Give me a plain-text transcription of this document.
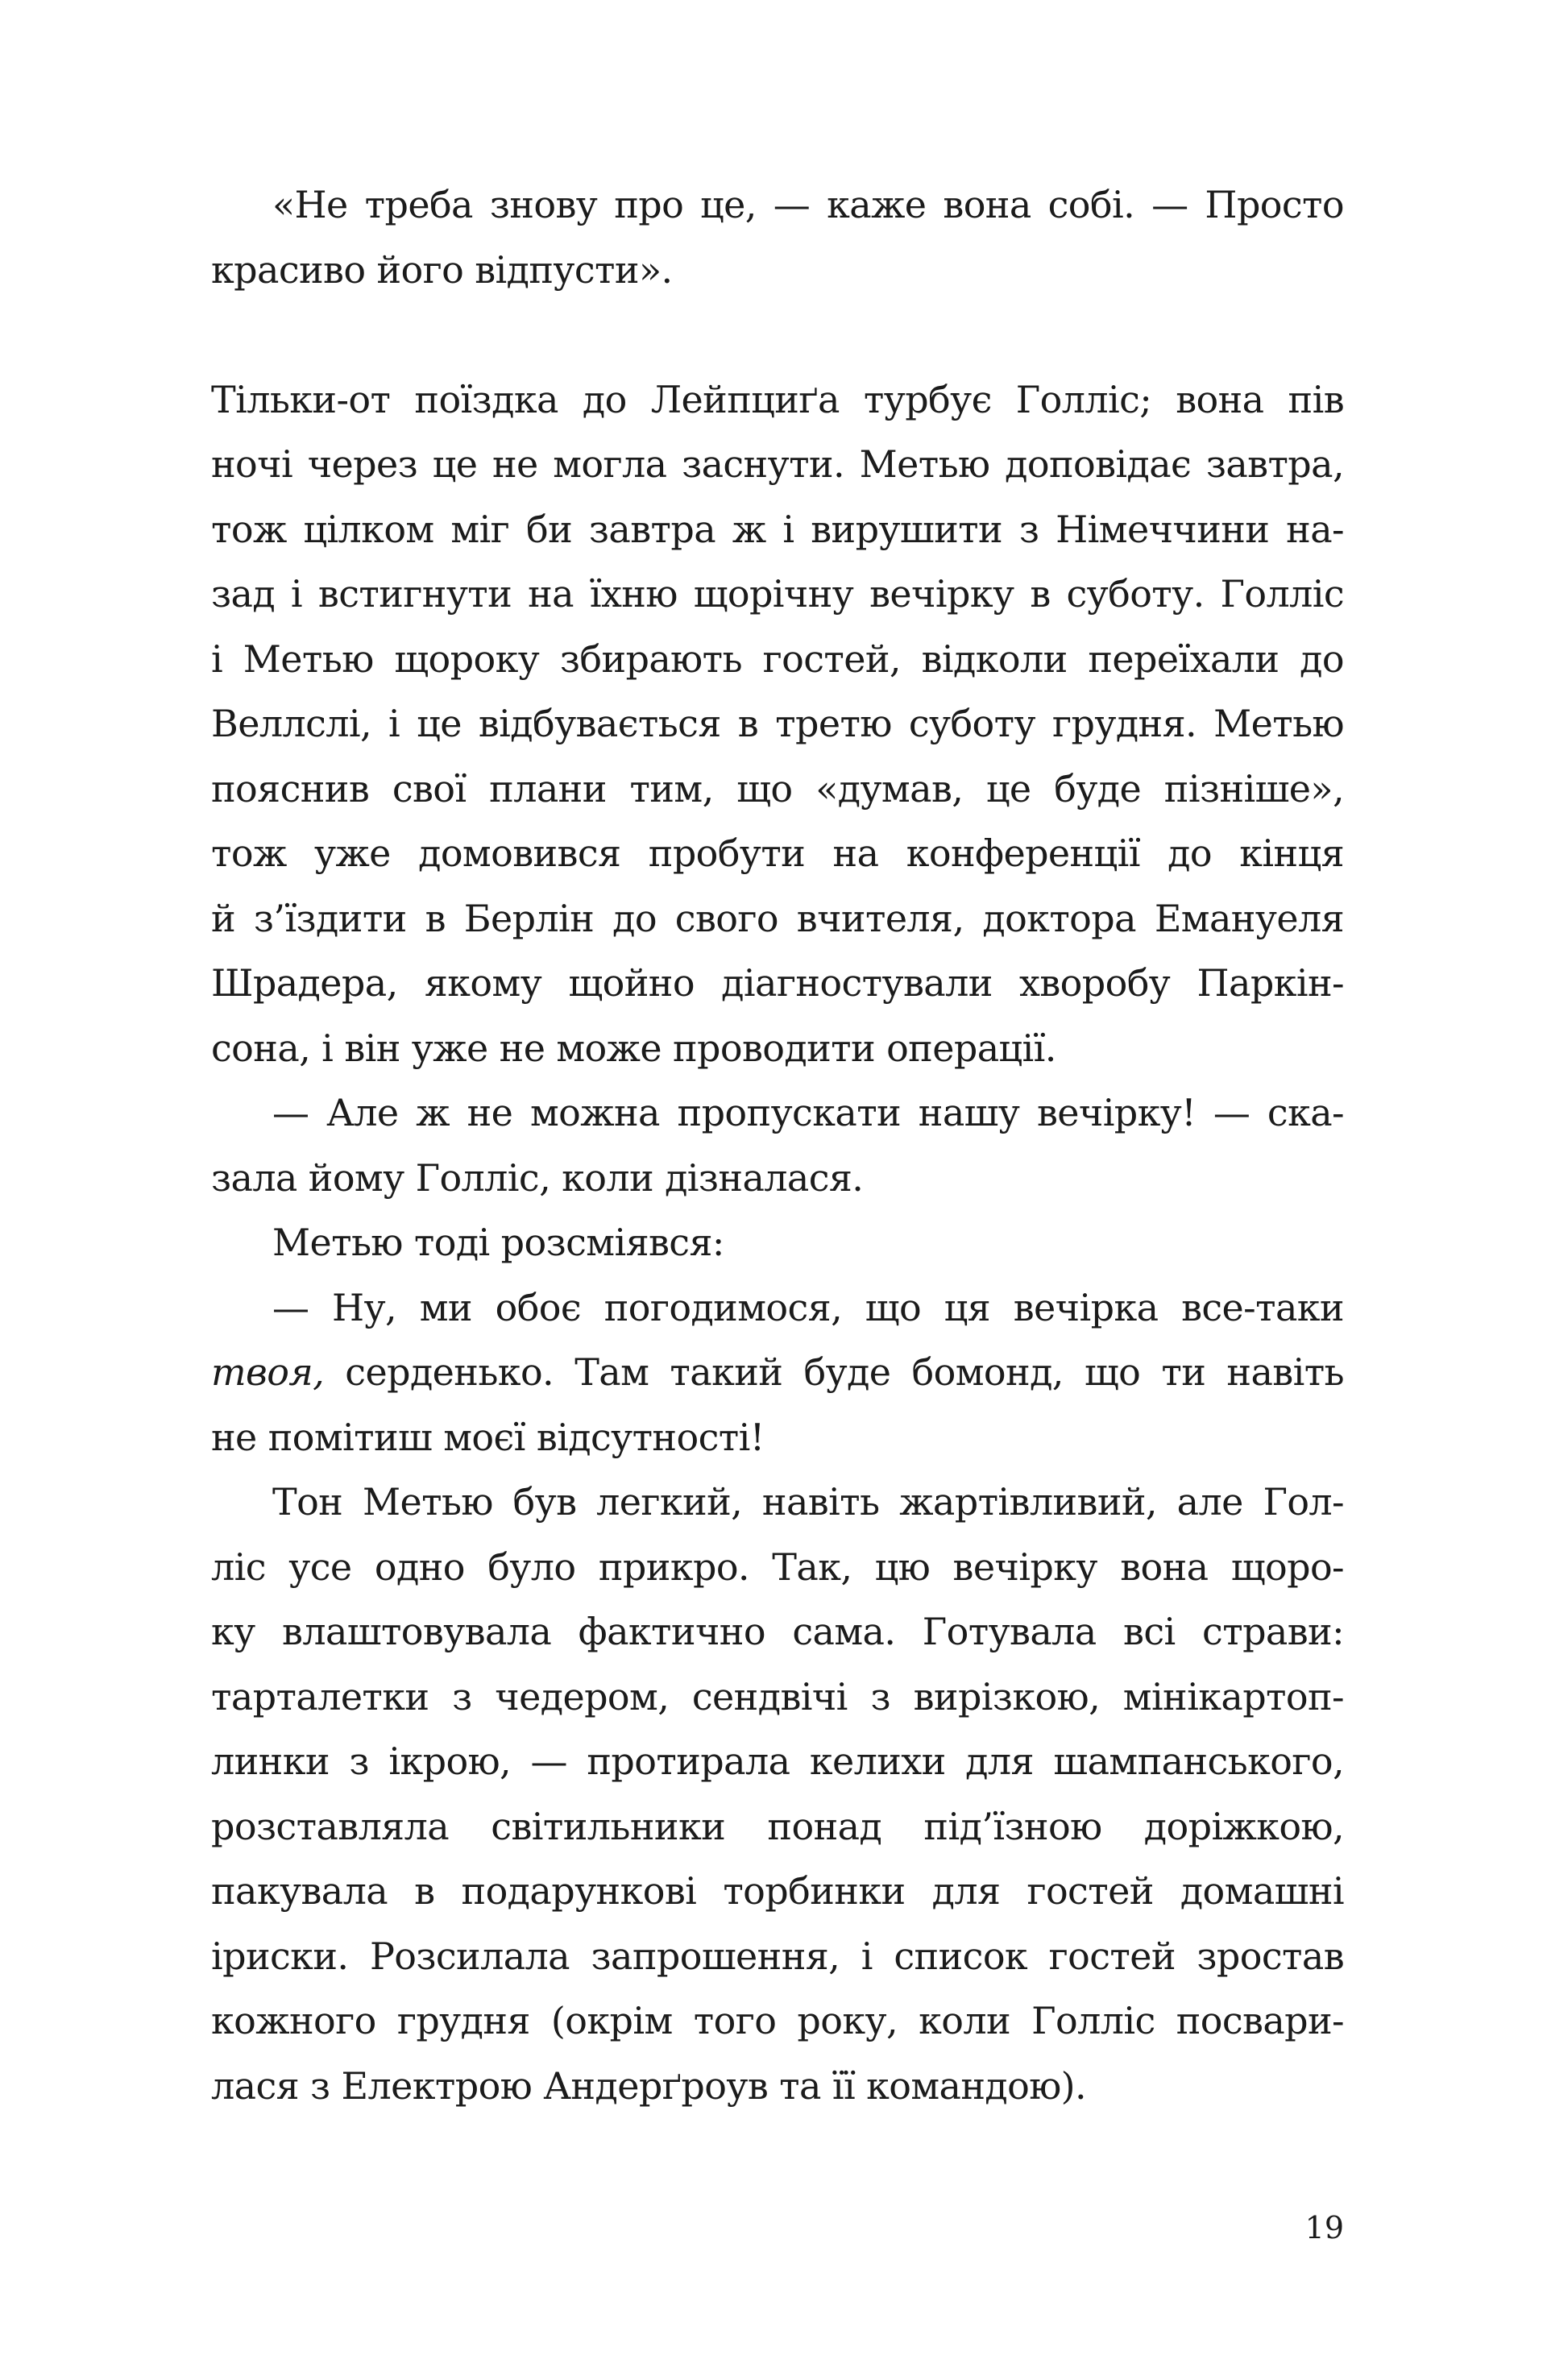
«Не треба знову про це, — каже вона собі. — Просто
красиво його відпусти».
Тільки-от поїздка до Лейпциґа турбує Голліс; вона пів
ночі через це не могла заснути. Метью доповідає завтра,
тож цілком міг би завтра ж і вирушити з Німеччини на-
зад і встигнути на їхню щорічну вечірку в суботу. Голліс
і Метью щороку збирають гостей, відколи переїхали до
Веллслі, і це відбувається в третю суботу грудня. Метью
пояснив свої плани тим, що «думав, це буде пізніше»,
тож уже домовився пробути на конференції до кінця
й з’їздити в Берлін до свого вчителя, доктора Емануеля
Шрадера, якому щойно діагностували хворобу Паркін-
сона, і він уже не може проводити операції.
— Але ж не можна пропускати нашу вечірку! — ска-
зала йому Голліс, коли дізналася.
Метью тоді розсміявся:
— Ну, ми обоє погодимося, що ця вечірка все-таки
твоя, серденько. Там такий буде бомонд, що ти навіть
не помітиш моєї відсутності!
Тон Метью був легкий, навіть жартівливий, але Гол-
ліс усе одно було прикро. Так, цю вечірку вона щоро-
ку влаштовувала фактично сама. Готувала всі страви:
тарталетки з чедером, сендвічі з вирізкою, мінікартоп-
линки з ікрою, — протирала келихи для шампанського,
розставляла світильники понад під’їзною доріжкою,
пакувала в подарункові торбинки для гостей домашні
іриски. Розсилала запрошення, і список гостей зростав
кожного грудня (окрім того року, коли Голліс посвари-
лася з Електрою Андерґроув та її командою).
19
